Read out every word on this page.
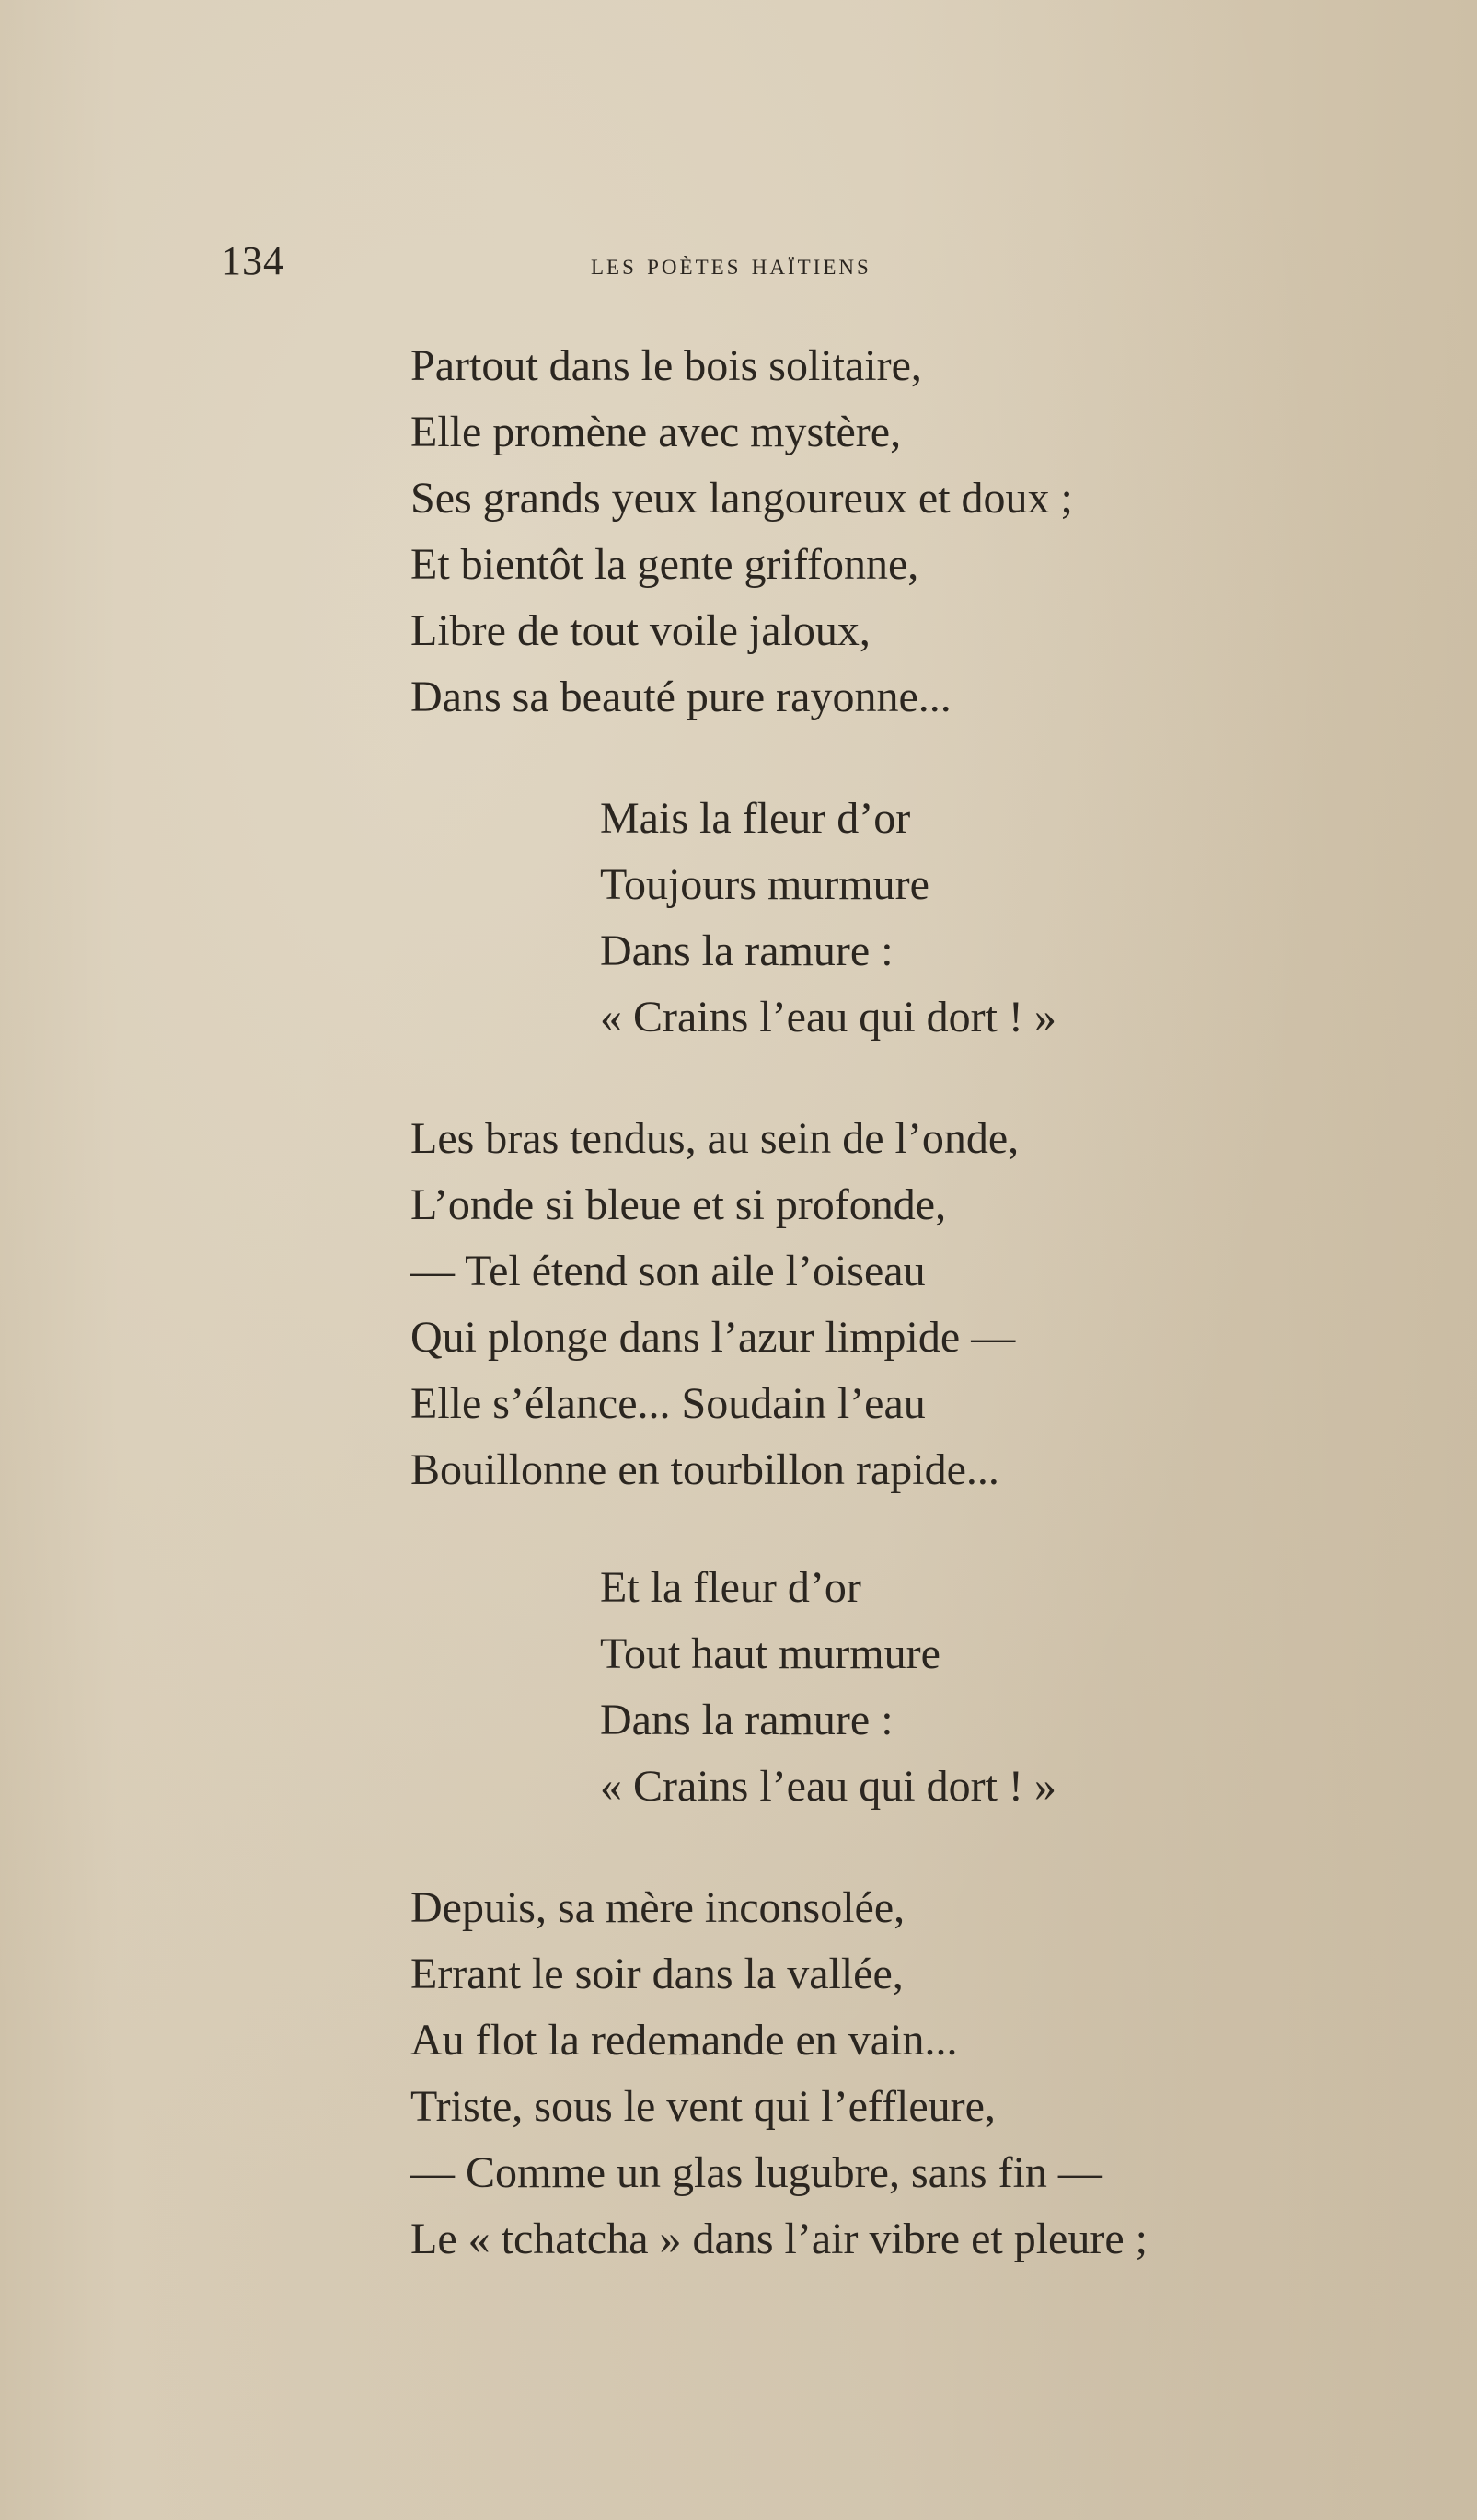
134	les poètes haïtiens
Partout dans le bois solitaire,
Elle promène avec mystère,
Ses grands yeux langoureux et doux ;
Et bientôt la gente griffonne,
Libre de tout voile jaloux,
Dans sa beauté pure rayonne...
Mais la fleur d’or
Toujours murmure
Dans la ramure :
« Crains l’eau qui dort ! »
Les bras tendus, au sein de l’onde,
L’onde si bleue et si profonde,
— Tel étend son aile l’oiseau
Qui plonge dans l’azur limpide —
Elle s’élance... Soudain l’eau
Bouillonne en tourbillon rapide...
Et la fleur d’or
Tout haut murmure
Dans la ramure :
« Crains l’eau qui dort ! »
Depuis, sa mère inconsolée,
Errant le soir dans la vallée,
Au flot la redemande en vain...
Triste, sous le vent qui l’effleure,
— Comme un glas lugubre, sans fin —
Le « tchatcha » dans l’air vibre et pleure ;
